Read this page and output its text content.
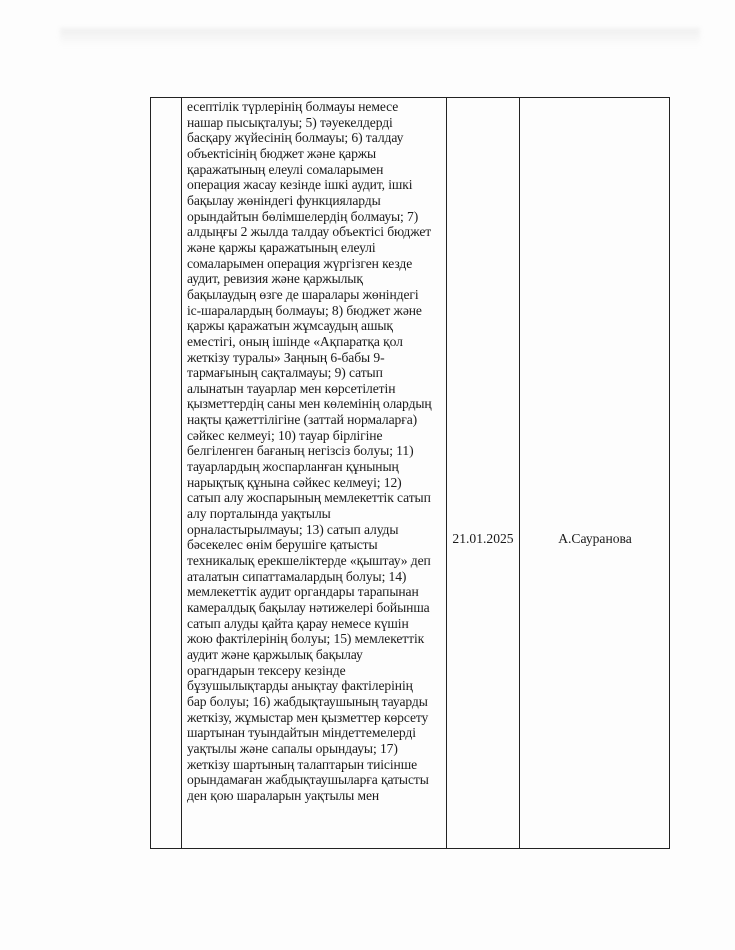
есептілік түрлерінің болмауы немесе
нашар пысықталуы; 5) тәуекелдерді
басқару жүйесінің болмауы; 6) талдау
объектісінің бюджет және қаржы
қаражатының елеулі сомаларымен
операция жасау кезінде ішкі аудит, ішкі
бақылау жөніндегі функцияларды
орындайтын бөлімшелердің болмауы; 7)
алдыңғы 2 жылда талдау объектісі бюджет
және қаржы қаражатының елеулі
сомаларымен операция жүргізген кезде
аудит, ревизия және қаржылық
бақылаудың өзге де шаралары жөніндегі
іс-шаралардың болмауы; 8) бюджет және
қаржы қаражатын жұмсаудың ашық
еместігі, оның ішінде «Ақпаратқа қол
жеткізу туралы» Заңның 6-бабы 9-
тармағының сақталмауы; 9) сатып
алынатын тауарлар мен көрсетілетін
қызметтердің саны мен көлемінің олардың
нақты қажеттілігіне (заттай нормаларға)
сәйкес келмеуі; 10) тауар бірлігіне
белгіленген бағаның негізсіз болуы; 11)
тауарлардың жоспарланған құнының
нарықтық құнына сәйкес келмеуі; 12)
сатып алу жоспарының мемлекеттік сатып
алу порталында уақтылы
орналастырылмауы; 13) сатып алуды
бәсекелес өнім берушіге қатысты
техникалық ерекшеліктерде «қыштау» деп
аталатын сипаттамалардың болуы; 14)
мемлекеттік аудит органдары тарапынан
камералдық бақылау нәтижелері бойынша
сатып алуды қайта қарау немесе күшін
жою фактілерінің болуы; 15) мемлекеттік
аудит және қаржылық бақылау
орагндарын тексеру кезінде
бұзушылықтарды анықтау фактілерінің
бар болуы; 16) жабдықтаушының тауарды
жеткізу, жұмыстар мен қызметтер көрсету
шартынан туындайтын міндеттемелерді
уақтылы және сапалы орындауы; 17)
жеткізу шартының талаптарын тиісінше
орындамаған жабдықтаушыларға қатысты
ден қою шараларын уақтылы мен
21.01.2025	А.Сауранова
